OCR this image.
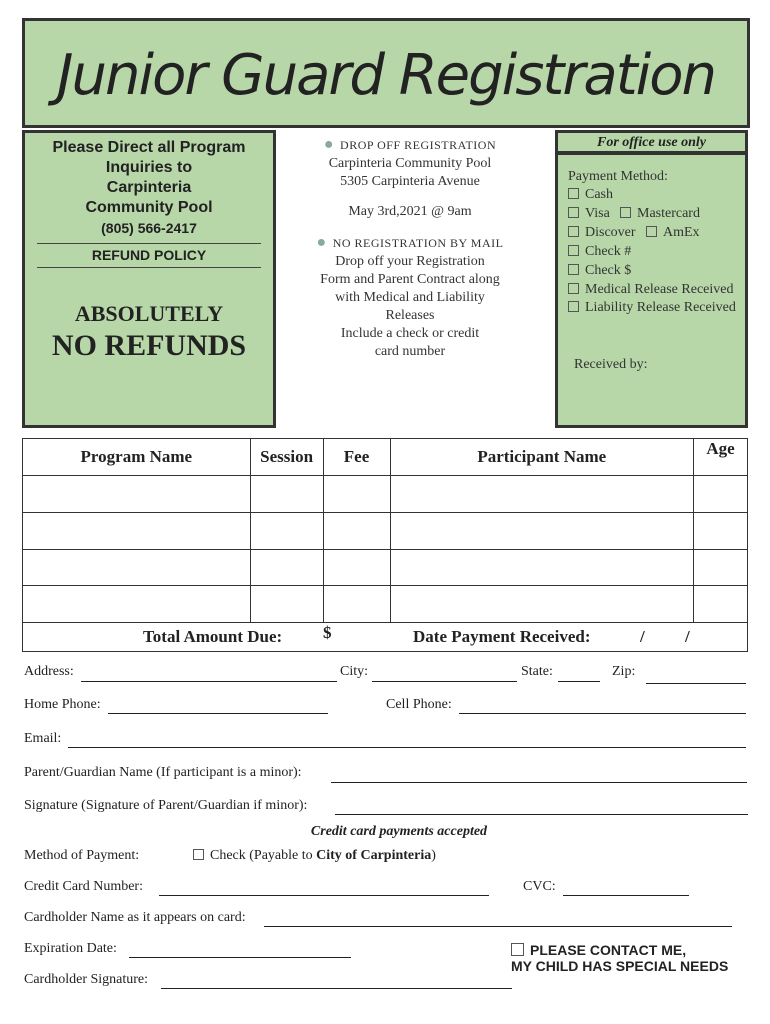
Junior Guard Registration
Please Direct all Program
Inquiries to
Carpinteria
Community Pool
(805) 566-2417
REFUND POLICY
ABSOLUTELY
NO REFUNDS
● DROP OFF REGISTRATION
Carpinteria Community Pool
5305 Carpinteria Avenue
May 3rd,2021 @ 9am
● NO REGISTRATION BY MAIL
Drop off your Registration
Form and Parent Contract along
with Medical and Liability
Releases
Include a check or credit
card number
For office use only
Payment Method:
Cash
Visa	Mastercard
Discover	AmEx
Check #
Check $
Medical Release Received
Liability Release Received
Received by:
Program Name	Session	Fee	Participant Name	Age

Total Amount Due: $ Date Payment Received: / /				
Address:	City:	State:	Zip:
Home Phone:	Cell Phone:
Email:
Parent/Guardian Name (If participant is a minor):
Signature (Signature of Parent/Guardian if minor):
Credit card payments accepted
Method of Payment:	Check (Payable to City of Carpinteria)
Credit Card Number:	CVC:
Cardholder Name as it appears on card:
Expiration Date:
Cardholder Signature:
PLEASE CONTACT ME,
MY CHILD HAS SPECIAL NEEDS
